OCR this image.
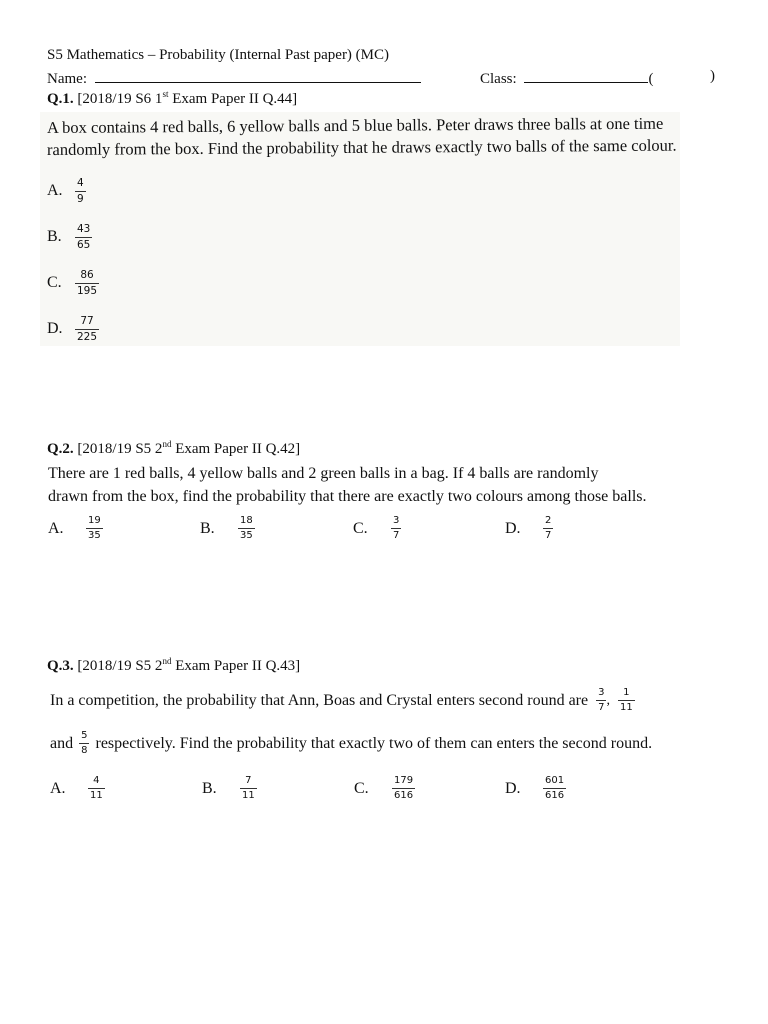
S5 Mathematics – Probability (Internal Past paper) (MC)
Name:	Class:	(	)
Q.1. [2018/19 S6 1st Exam Paper II Q.44]
A box contains 4 red balls, 6 yellow balls and 5 blue balls. Peter draws three balls at one time
randomly from the box. Find the probability that he draws exactly two balls of the same colour.
A.	$\frac{4}{9}$
B.	$\frac{43}{65}$
C.	$\frac{86}{195}$
D.	$\frac{77}{225}$
Q.2. [2018/19 S5 2nd Exam Paper II Q.42]
There are 1 red balls, 4 yellow balls and 2 green balls in a bag. If 4 balls are randomly
drawn from the box, find the probability that there are exactly two colours among those balls.
A.	$\frac{19}{35}$	B.	$\frac{18}{35}$	C.	$\frac{3}{7}$	D.	$\frac{2}{7}$
Q.3. [2018/19 S5 2nd Exam Paper II Q.43]
In a competition, the probability that Ann, Boas and Crystal enters second round are $\frac{3}{7}$ , $\frac{1}{11}$
and $\frac{5}{8}$ respectively. Find the probability that exactly two of them can enters the second round.
A.	$\frac{4}{11}$	B.	$\frac{7}{11}$	C.	$\frac{179}{616}$	D.	$\frac{601}{616}$
